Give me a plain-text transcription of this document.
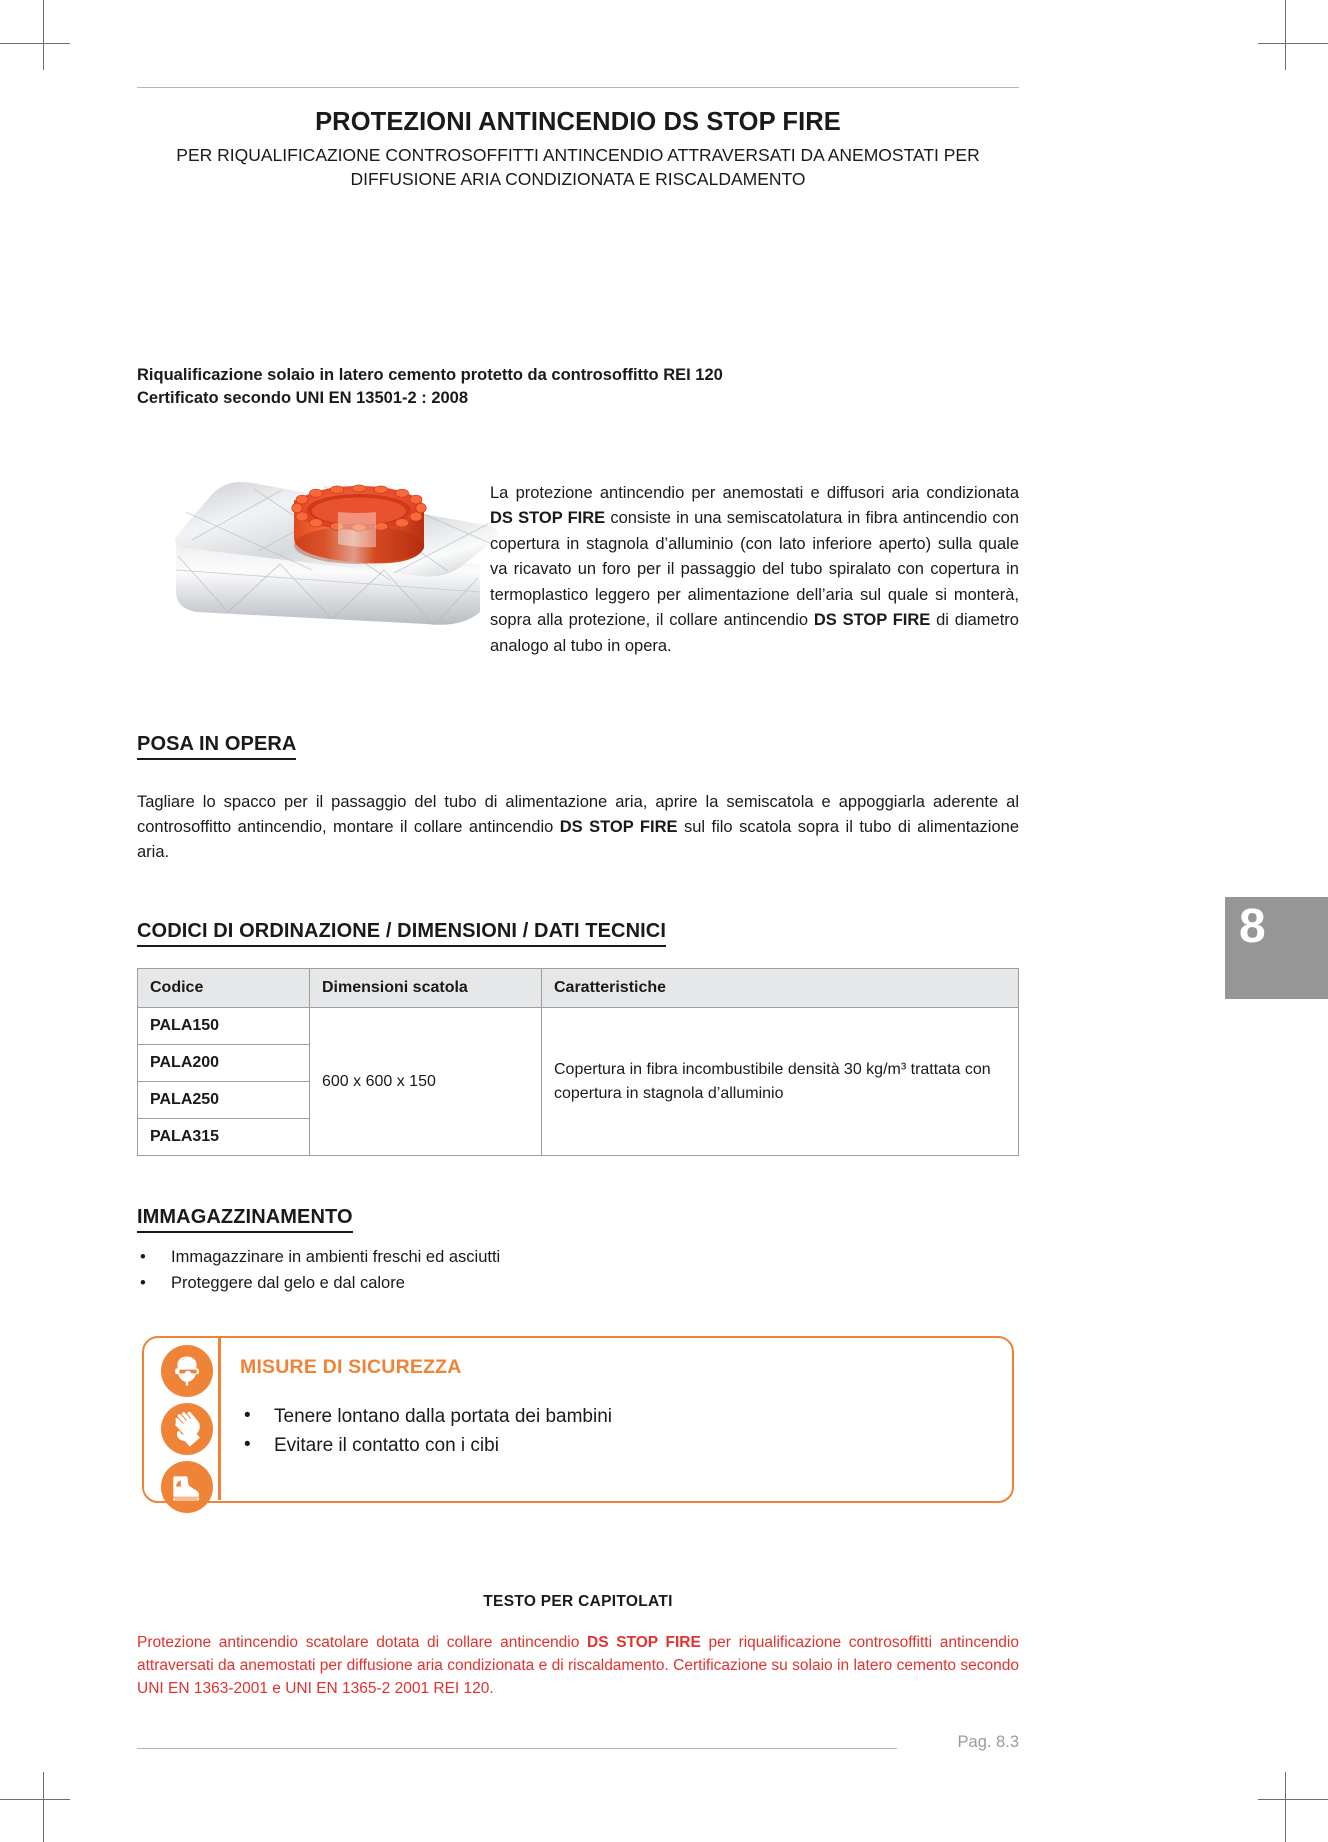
8
PROTEZIONI ANTINCENDIO DS STOP FIRE

PER RIQUALIFICAZIONE CONTROSOFFITTI ANTINCENDIO ATTRAVERSATI DA ANEMOSTATI PER DIFFUSIONE ARIA CONDIZIONATA E RISCALDAMENTO

Riqualificazione solaio in latero cemento protetto da controsoffitto REI 120
Certificato secondo UNI EN 13501-2 : 2008

La protezione antincendio per anemostati e diffusori aria condizionata DS STOP FIRE consiste in una semiscatolatura in fibra antincendio con copertura in stagnola d’alluminio (con lato inferiore aperto) sulla quale va ricavato un foro per il passaggio del tubo spiralato con copertura in termoplastico leggero per alimentazione dell’aria sul quale si monterà, sopra alla protezione, il collare antincendio DS STOP FIRE di diametro analogo al tubo in opera.

POSA IN OPERA

Tagliare lo spacco per il passaggio del tubo di alimentazione aria, aprire la semiscatola e appoggiarla aderente al controsoffitto antincendio, montare il collare antincendio DS STOP FIRE sul filo scatola sopra il tubo di alimentazione aria.

CODICI DI ORDINAZIONE / DIMENSIONI / DATI TECNICI
Codice	Dimensioni scatola	Caratteristiche
PALA150	600 x 600 x 150	Copertura in fibra incombustibile densità 30 kg/m³ trattata con copertura in stagnola d’alluminio
PALA200		
PALA250		
PALA315		
IMMAGAZZINAMENTO
• Immagazzinare in ambienti freschi ed asciutti
• Proteggere dal gelo e dal calore

MISURE DI SICUREZZA

• Tenere lontano dalla portata dei bambini
• Evitare il contatto con i cibi

TESTO PER CAPITOLATI

Protezione antincendio scatolare dotata di collare antincendio DS STOP FIRE per riqualificazione controsoffitti antincendio attraversati da anemostati per diffusione aria condizionata e di riscaldamento. Certificazione su solaio in latero cemento secondo UNI EN 1363-2001 e UNI EN 1365-2 2001 REI 120.

Pag. 8.3
